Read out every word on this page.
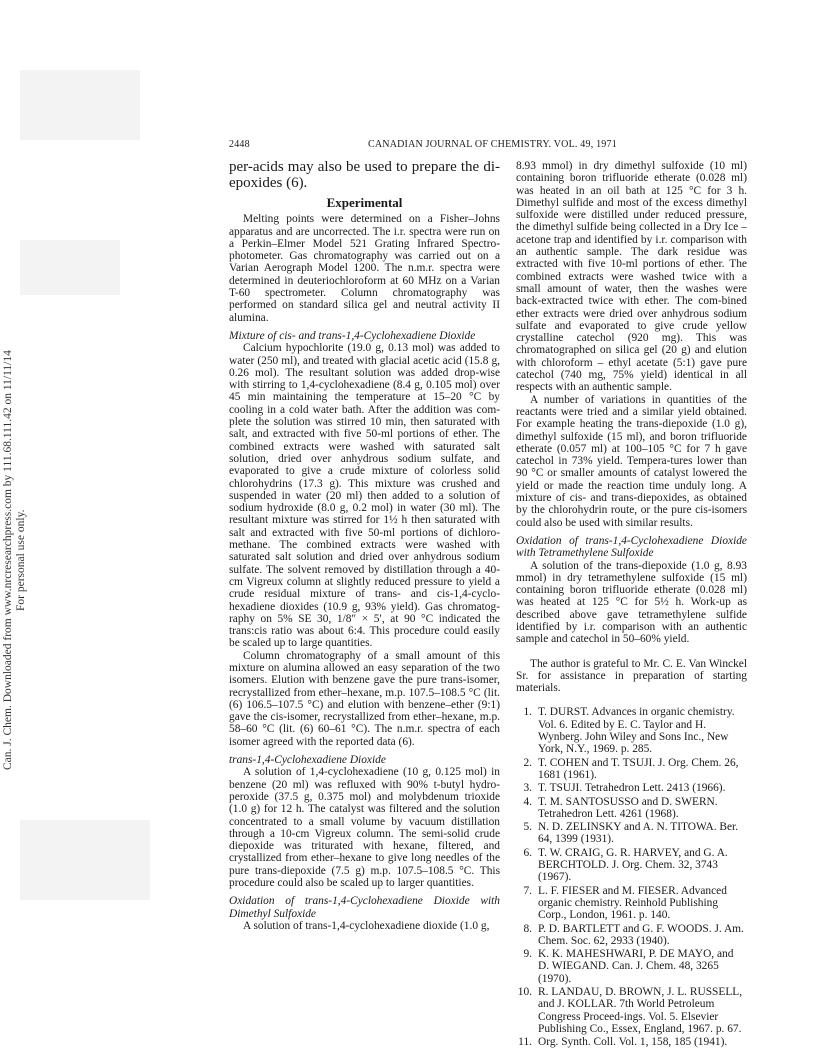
Can. J. Chem. Downloaded from www.nrcresearchpress.com by 111.68.111.42 on 11/11/14 For personal use only.
2448	CANADIAN JOURNAL OF CHEMISTRY. VOL. 49, 1971

per-acids may also be used to prepare the di-epoxides (6).

Experimental

Melting points were determined on a Fisher–Johns apparatus and are uncorrected. The i.r. spectra were run on a Perkin–Elmer Model 521 Grating Infrared Spectro-photometer. Gas chromatography was carried out on a Varian Aerograph Model 1200. The n.m.r. spectra were determined in deuteriochloroform at 60 MHz on a Varian T-60 spectrometer. Column chromatography was performed on standard silica gel and neutral activity II alumina.

Mixture of cis- and trans-1,4-Cyclohexadiene Dioxide

Calcium hypochlorite (19.0 g, 0.13 mol) was added to water (250 ml), and treated with glacial acetic acid (15.8 g, 0.26 mol). The resultant solution was added drop-wise with stirring to 1,4-cyclohexadiene (8.4 g, 0.105 mol) over 45 min maintaining the temperature at 15–20 °C by cooling in a cold water bath. After the addition was com-plete the solution was stirred 10 min, then saturated with salt, and extracted with five 50-ml portions of ether. The combined extracts were washed with saturated salt solution, dried over anhydrous sodium sulfate, and evaporated to give a crude mixture of colorless solid chlorohydrins (17.3 g). This mixture was crushed and suspended in water (20 ml) then added to a solution of sodium hydroxide (8.0 g, 0.2 mol) in water (30 ml). The resultant mixture was stirred for 1½ h then saturated with salt and extracted with five 50-ml portions of dichloro-methane. The combined extracts were washed with saturated salt solution and dried over anhydrous sodium sulfate. The solvent removed by distillation through a 40-cm Vigreux column at slightly reduced pressure to yield a crude residual mixture of trans- and cis-1,4-cyclo-hexadiene dioxides (10.9 g, 93% yield). Gas chromatog-raphy on 5% SE 30, 1/8″ × 5′, at 90 °C indicated the trans:cis ratio was about 6:4. This procedure could easily be scaled up to large quantities.

Column chromatography of a small amount of this mixture on alumina allowed an easy separation of the two isomers. Elution with benzene gave the pure trans-isomer, recrystallized from ether–hexane, m.p. 107.5–108.5 °C (lit. (6) 106.5–107.5 °C) and elution with benzene–ether (9:1) gave the cis-isomer, recrystallized from ether–hexane, m.p. 58–60 °C (lit. (6) 60–61 °C). The n.m.r. spectra of each isomer agreed with the reported data (6).

trans-1,4-Cyclohexadiene Dioxide

A solution of 1,4-cyclohexadiene (10 g, 0.125 mol) in benzene (20 ml) was refluxed with 90% t-butyl hydro-peroxide (37.5 g, 0.375 mol) and molybdenum trioxide (1.0 g) for 12 h. The catalyst was filtered and the solution concentrated to a small volume by vacuum distillation through a 10-cm Vigreux column. The semi-solid crude diepoxide was triturated with hexane, filtered, and crystallized from ether–hexane to give long needles of the pure trans-diepoxide (7.5 g) m.p. 107.5–108.5 °C. This procedure could also be scaled up to larger quantities.

Oxidation of trans-1,4-Cyclohexadiene Dioxide with Dimethyl Sulfoxide

A solution of trans-1,4-cyclohexadiene dioxide (1.0 g,

8.93 mmol) in dry dimethyl sulfoxide (10 ml) containing boron trifluoride etherate (0.028 ml) was heated in an oil bath at 125 °C for 3 h. Dimethyl sulfide and most of the excess dimethyl sulfoxide were distilled under reduced pressure, the dimethyl sulfide being collected in a Dry Ice – acetone trap and identified by i.r. comparison with an authentic sample. The dark residue was extracted with five 10-ml portions of ether. The combined extracts were washed twice with a small amount of water, then the washes were back-extracted twice with ether. The com-bined ether extracts were dried over anhydrous sodium sulfate and evaporated to give crude yellow crystalline catechol (920 mg). This was chromatographed on silica gel (20 g) and elution with chloroform – ethyl acetate (5:1) gave pure catechol (740 mg, 75% yield) identical in all respects with an authentic sample.

A number of variations in quantities of the reactants were tried and a similar yield obtained. For example heating the trans-diepoxide (1.0 g), dimethyl sulfoxide (15 ml), and boron trifluoride etherate (0.057 ml) at 100–105 °C for 7 h gave catechol in 73% yield. Tempera-tures lower than 90 °C or smaller amounts of catalyst lowered the yield or made the reaction time unduly long. A mixture of cis- and trans-diepoxides, as obtained by the chlorohydrin route, or the pure cis-isomers could also be used with similar results.

Oxidation of trans-1,4-Cyclohexadiene Dioxide with Tetramethylene Sulfoxide

A solution of the trans-diepoxide (1.0 g, 8.93 mmol) in dry tetramethylene sulfoxide (15 ml) containing boron trifluoride etherate (0.028 ml) was heated at 125 °C for 5½ h. Work-up as described above gave tetramethylene sulfide identified by i.r. comparison with an authentic sample and catechol in 50–60% yield.

The author is grateful to Mr. C. E. Van Winckel Sr. for assistance in preparation of starting materials.

1. T. DURST. Advances in organic chemistry. Vol. 6. Edited by E. C. Taylor and H. Wynberg. John Wiley and Sons Inc., New York, N.Y., 1969. p. 285.
2. T. COHEN and T. TSUJI. J. Org. Chem. 26, 1681 (1961).
3. T. TSUJI. Tetrahedron Lett. 2413 (1966).
4. T. M. SANTOSUSSO and D. SWERN. Tetrahedron Lett. 4261 (1968).
5. N. D. ZELINSKY and A. N. TITOWA. Ber. 64, 1399 (1931).
6. T. W. CRAIG, G. R. HARVEY, and G. A. BERCHTOLD. J. Org. Chem. 32, 3743 (1967).
7. L. F. FIESER and M. FIESER. Advanced organic chemistry. Reinhold Publishing Corp., London, 1961. p. 140.
8. P. D. BARTLETT and G. F. WOODS. J. Am. Chem. Soc. 62, 2933 (1940).
9. K. K. MAHESHWARI, P. DE MAYO, and D. WIEGAND. Can. J. Chem. 48, 3265 (1970).
10. R. LANDAU, D. BROWN, J. L. RUSSELL, and J. KOLLAR. 7th World Petroleum Congress Proceed-ings. Vol. 5. Elsevier Publishing Co., Essex, England, 1967. p. 67.
11. Org. Synth. Coll. Vol. 1, 158, 185 (1941).
